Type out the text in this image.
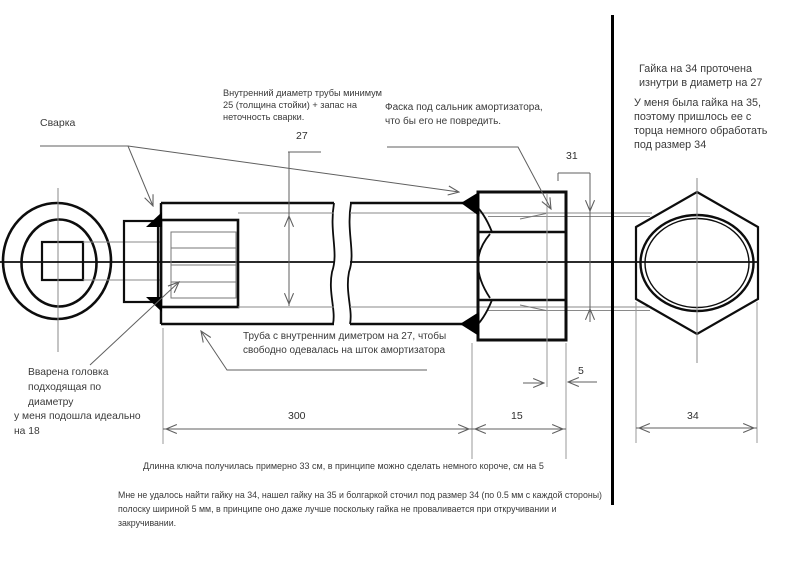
Сварка
Внутренний диаметр трубы минимум
25 (толщина стойки) + запас на
неточность сварки.
27
Фаска под сальник амортизатора,
что бы его не повредить.
31
Гайка на 34 проточена
изнутри в диаметр на 27
У меня была гайка на 35,
поэтому пришлось ее с
торца немного обработать
под размер 34
Труба с внутренним диметром на 27, чтобы
свободно одевалась на шток амортизатора
Вварена головка
подходящая по
диаметру
у меня подошла идеально
на 18
300	15
5
34
Длинна ключа получилась примерно 33 см, в принципе можно сделать немного короче, см на 5
Мне не удалось найти гайку на 34, нашел гайку на 35 и болгаркой сточил под размер 34 (по 0.5 мм с каждой стороны)
полоску шириной 5 мм, в принципе оно даже лучше поскольку гайка не проваливается при откручивании и
закручивании.
